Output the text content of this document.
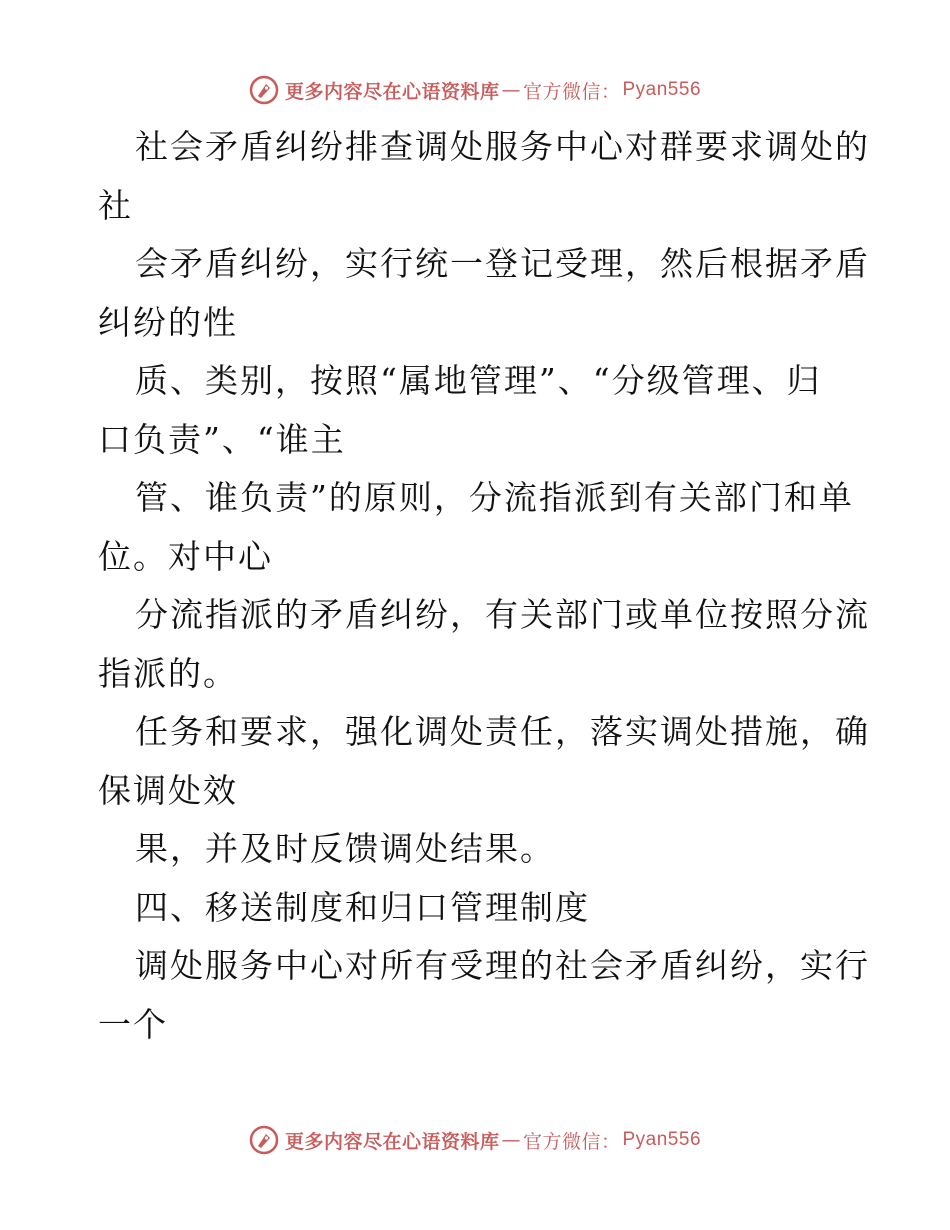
更多内容尽在心语资料库 — 官方微信： Pyan556
社会矛盾纠纷排查调处服务中心对群要求调处的
社
会矛盾纠纷，实行统一登记受理，然后根据矛盾
纠纷的性
质、类别，按照“属地管理”、“分级管理、归
口负责”、“谁主
管、谁负责”的原则，分流指派到有关部门和单
位。对中心
分流指派的矛盾纠纷，有关部门或单位按照分流
指派的。
任务和要求，强化调处责任，落实调处措施，确
保调处效
果，并及时反馈调处结果。
四、移送制度和归口管理制度
调处服务中心对所有受理的社会矛盾纠纷，实行
一个
更多内容尽在心语资料库 — 官方微信： Pyan556
